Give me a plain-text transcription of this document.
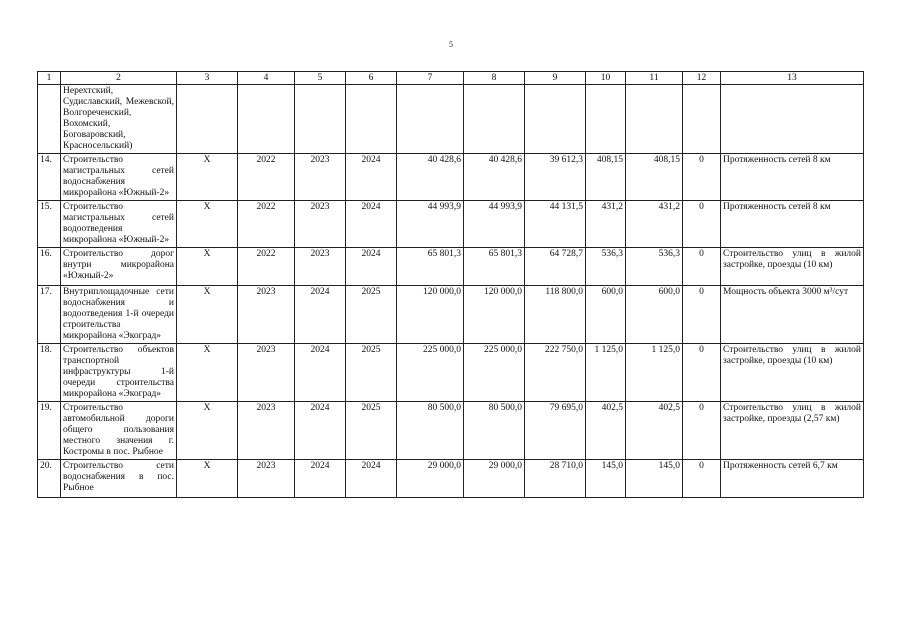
5
1	2	3	4	5	6	7	8	9	10	11	12	13
	Нерехтский, Судиславский, Межевской, Волгореченский, Вохомский, Боговаровский, Красносельский)											
14.	Строительство магистральных сетей водоснабжения микрорайона «Южный-2»	Х	2022	2023	2024	40 428,6	40 428,6	39 612,3	408,15	408,15	0	Протяженность сетей 8 км
15.	Строительство магистральных сетей водоотведения микрорайона «Южный-2»	Х	2022	2023	2024	44 993,9	44 993,9	44 131,5	431,2	431,2	0	Протяженность сетей 8 км
16.	Строительство дорог внутри микрорайона «Южный-2»	Х	2022	2023	2024	65 801,3	65 801,3	64 728,7	536,3	536,3	0	Строительство улиц в жилой застройке, проезды (10 км)
17.	Внутриплощадочные сети водоснабжения и водоотведения 1-й очереди строительства микрорайона «Экоград»	Х	2023	2024	2025	120 000,0	120 000,0	118 800,0	600,0	600,0	0	Мощность объекта 3000 м³/сут
18.	Строительство объектов транспортной инфраструктуры 1-й очереди строительства микрорайона «Экоград»	Х	2023	2024	2025	225 000,0	225 000,0	222 750,0	1 125,0	1 125,0	0	Строительство улиц в жилой застройке, проезды (10 км)
19.	Строительство автомобильной дороги общего пользования местного значения г. Костромы в пос. Рыбное	Х	2023	2024	2025	80 500,0	80 500,0	79 695,0	402,5	402,5	0	Строительство улиц в жилой застройке, проезды (2,57 км)
20.	Строительство сети водоснабжения в пос. Рыбное	Х	2023	2024	2024	29 000,0	29 000,0	28 710,0	145,0	145,0	0	Протяженность сетей 6,7 км
